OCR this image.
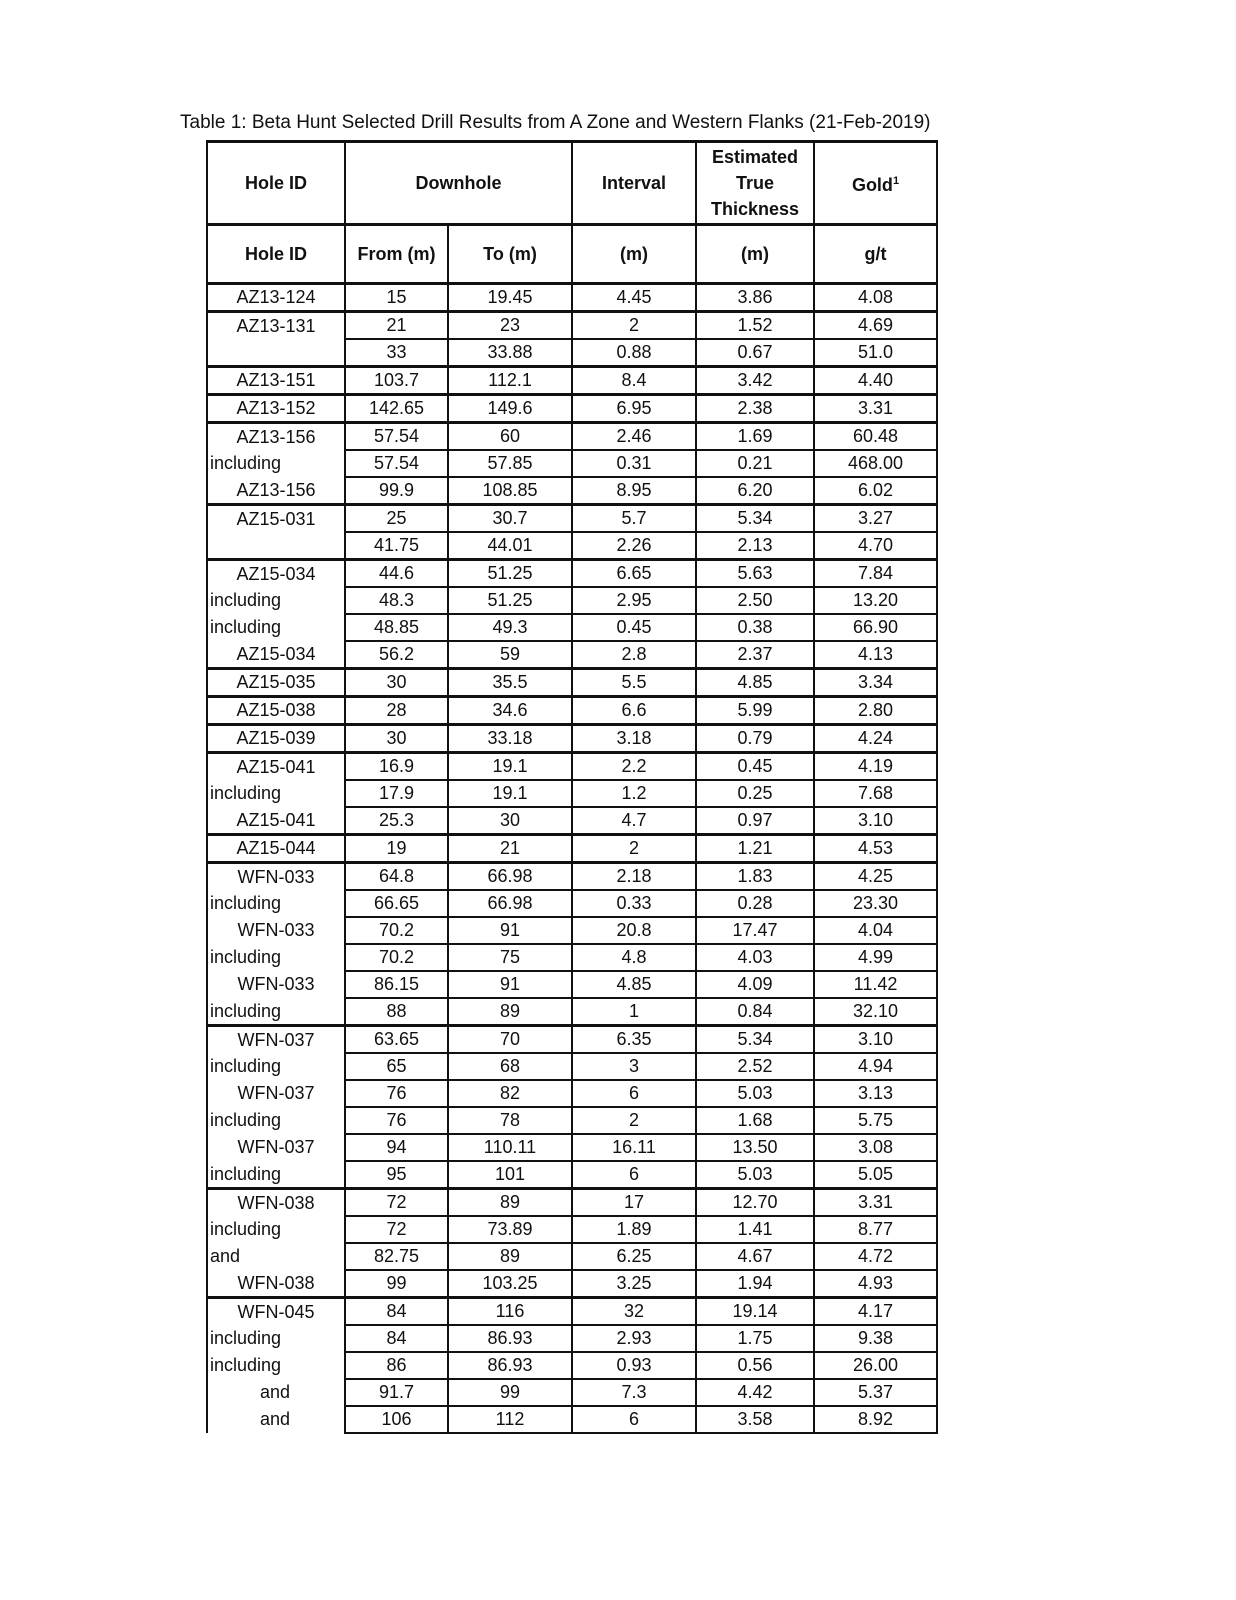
Table 1: Beta Hunt Selected Drill Results from A Zone and Western Flanks (21-Feb-2019)
Hole ID	Downhole		Interval	Estimated
True
Thickness	Gold$^1$
Hole ID	From (m)	To (m)	(m)	(m)	g/t
AZ13-124	15	19.45	4.45	3.86	4.08
AZ13-131	21	23	2	1.52	4.69
	33	33.88	0.88	0.67	51.0
AZ13-151	103.7	112.1	8.4	3.42	4.40
AZ13-152	142.65	149.6	6.95	2.38	3.31
AZ13-156	57.54	60	2.46	1.69	60.48
including	57.54	57.85	0.31	0.21	468.00
AZ13-156	99.9	108.85	8.95	6.20	6.02
AZ15-031	25	30.7	5.7	5.34	3.27
	41.75	44.01	2.26	2.13	4.70
AZ15-034	44.6	51.25	6.65	5.63	7.84
including	48.3	51.25	2.95	2.50	13.20
including	48.85	49.3	0.45	0.38	66.90
AZ15-034	56.2	59	2.8	2.37	4.13
AZ15-035	30	35.5	5.5	4.85	3.34
AZ15-038	28	34.6	6.6	5.99	2.80
AZ15-039	30	33.18	3.18	0.79	4.24
AZ15-041	16.9	19.1	2.2	0.45	4.19
including	17.9	19.1	1.2	0.25	7.68
AZ15-041	25.3	30	4.7	0.97	3.10
AZ15-044	19	21	2	1.21	4.53
WFN-033	64.8	66.98	2.18	1.83	4.25
including	66.65	66.98	0.33	0.28	23.30
WFN-033	70.2	91	20.8	17.47	4.04
including	70.2	75	4.8	4.03	4.99
WFN-033	86.15	91	4.85	4.09	11.42
including	88	89	1	0.84	32.10
WFN-037	63.65	70	6.35	5.34	3.10
including	65	68	3	2.52	4.94
WFN-037	76	82	6	5.03	3.13
including	76	78	2	1.68	5.75
WFN-037	94	110.11	16.11	13.50	3.08
including	95	101	6	5.03	5.05
WFN-038	72	89	17	12.70	3.31
including	72	73.89	1.89	1.41	8.77
and	82.75	89	6.25	4.67	4.72
WFN-038	99	103.25	3.25	1.94	4.93
WFN-045	84	116	32	19.14	4.17
including	84	86.93	2.93	1.75	9.38
including	86	86.93	0.93	0.56	26.00
and	91.7	99	7.3	4.42	5.37
and	106	112	6	3.58	8.92
